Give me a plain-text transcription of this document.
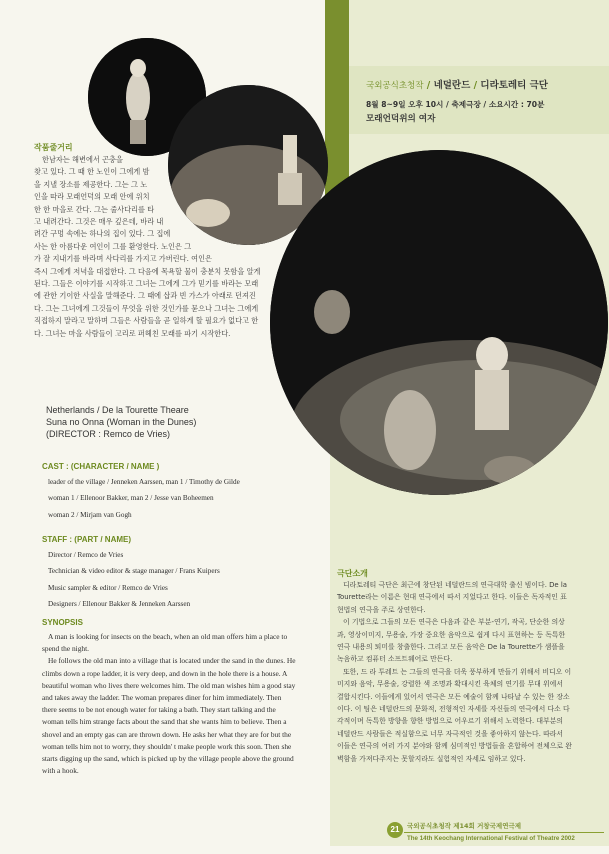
국외공식초청작 / 네덜란드 / 디라토레티 극단
8월 8~9일 오후 10시 / 축제극장 / 소요시간 : 70분
모래언덕위의 여자
작품줄거리
한남자는 해변에서 곤충을
찾고 있다. 그 때 한 노인이 그에게 밤
을 지낼 장소를 제공한다. 그는 그 노
인을 따라 모래언덕의 모래 안에 위치
한 한 마을로 간다. 그는 줄사다리를 타
고 내려간다. 그것은 매우 깊은데, 바라 내
려간 구멍 속에는 하나의 집이 있다. 그 집에
사는 한 아름다운 여인이 그를 환영한다. 노인은 그
가 잘 지내기를 바라며 사다리를 가지고 가버린다. 여인은
즉시 그에게 저녁을 대접한다. 그 다음에 목욕할 물이 충분치 못함을 알게
된다. 그들은 이야기를 시작하고 그녀는 그에게 그가 믿기를 바라는 모래
에 관한 기이한 사실을 말해준다. 그 때에 삽과 빈 가스가 아래로 던져진
다. 그는 그녀에게 그것들이 무엇을 위한 것인가를 묻으나 그녀는 그에게
직접하지 말라고 말하며 그들은 사람들을 곧 일하게 할 필요가 없다고 한
다. 그녀는 마을 사람들이 고리로 퍼헤친 모래를 파기 시작한다.
Netherlands / De la Tourette Theare
Suna no Onna (Woman in the Dunes)
(DIRECTOR : Remco de Vries)
CAST : (CHARACTER / NAME )
leader of the village / Jenneken Aarssen, man 1 / Timothy de Gilde
woman 1 / Ellenoor Bakker, man 2 / Jesse van Boheemen
woman 2 / Mirjam van Gogh
STAFF : (PART / NAME)
Director / Remco de Vries
Technician & video editor & stage manager / Frans Kuipers
Music sampler & editor / Remco de Vries
Designers / Ellenour Bakker & Jenneken Aarssen
SYNOPSIS
A man is looking for insects on the beach, when an old man offers him a place to
spend the night.
He follows the old man into a village that is located under the sand in the dunes. He
climbs down a rope ladder, it is very deep, and down in the hole there is a house. A
beautiful woman who lives there welcomes him. The old man wishes him a good stay
and takes away the ladder. The woman prepares diner for him immediately. Then
there seems to be not enough water for taking a bath. They start talking and the
woman tells him strange facts about the sand that she wants him to believe. Then a
shovel and an empty gas can are thrown down. He asks her what they are for but the
woman tells him not to worry, they shouldn' t make people work this soon. Then she
starts digging up the sand, which is picked up by the village people above the ground
with a hook.
극단소개
디라토레티 극단은 최근에 창단된 네덜란드의 연극대학 출신 빔이다. De la
Tourette라는 이름은 현대 연극에서 따서 지었다고 한다. 이들은 독자적인 표
현법의 연극을 주로 상연한다.
이 기법으로 그들의 모든 연극은 다음과 같은 부분-연기, 작곡, 단순한 의상
과, 영상이미지, 무용술, 가장 중요한 음악으로 쉽게 다시 표현하는 등 독특한
연극 내용의 퇴미를 창출한다. 그리고 모든 음악은 De la Tourette가 샘플을
녹음하고 컴퓨터 소프트웨어로 만든다.
또한, 드 라 투레트 는 그들의 연극을 더욱 풍부하게 만들기 위해서 비디오 이
미지와 음악, 무용술, 강렬한 색 조명과 확대시킨 육체의 연기를 무대 위에서
결합시킨다. 이들에게 있어서 연극은 모든 예술이 함께 나타날 수 있는 한 장소
이다. 이 팀은 네덜란드의 문화적, 전형적인 자세를 자신들의 연극에서 다소 다
각적이며 독특한 방향을 향한 방법으로 어우르기 위해서 노력한다. 대부분의
네덜란드 사람들은 적실함으로 너무 자극적인 것을 좋아하지 않는다. 따라서
이들은 연극의 여러 가지 분야와 함께 심미적인 방법들을 혼합하여 전체으로 완
벽함을 가져다주지는 못할지라도 실험적인 자세로 임하고 있다.
21	국외공식초청작 제14회 거창국제연극제
The 14th Keochang International Festival of Theatre 2002
